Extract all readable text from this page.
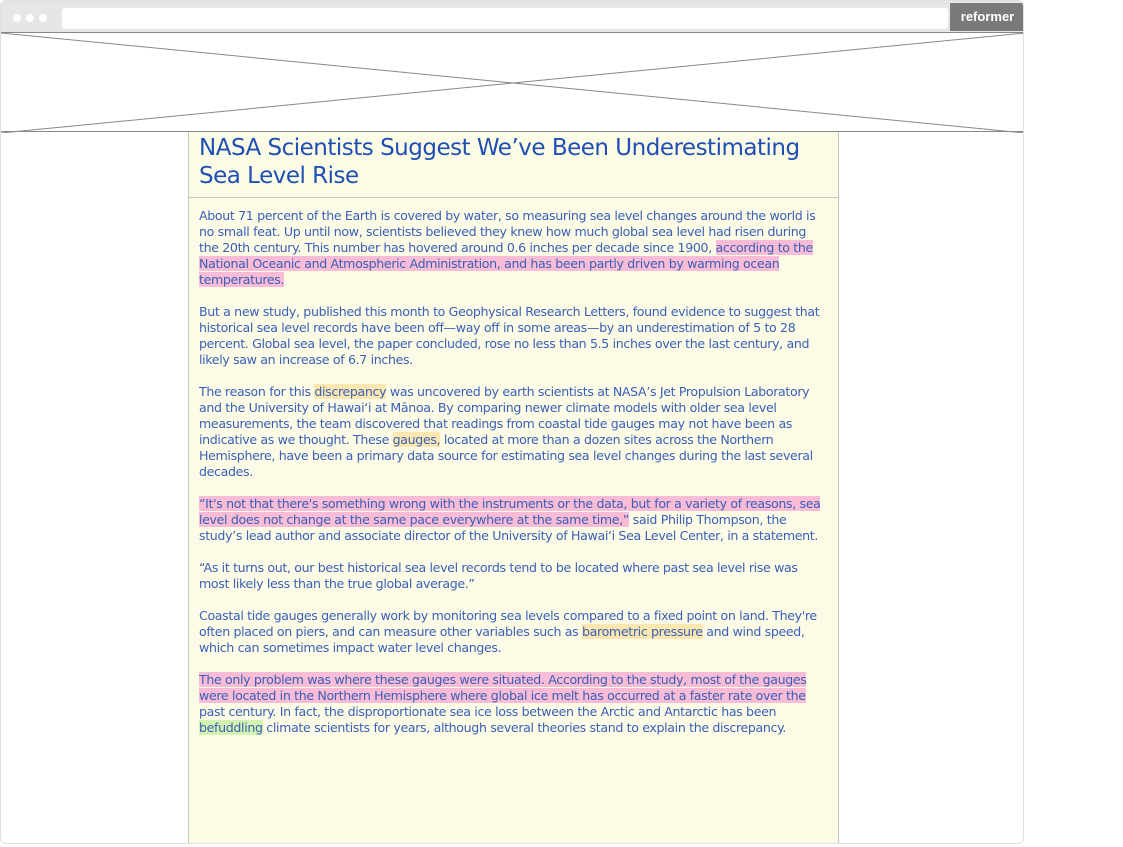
reformer
NASA Scientists Suggest We’ve Been Underestimating Sea Level Rise

About 71 percent of the Earth is covered by water, so measuring sea level changes around the world is no small feat. Up until now, scientists believed they knew how much global sea level had risen during the 20th century. This number has hovered around 0.6 inches per decade since 1900, according to the National Oceanic and Atmospheric Administration, and has been partly driven by warming ocean temperatures.

But a new study, published this month to Geophysical Research Letters, found evidence to suggest that historical sea level records have been off—way off in some areas—by an underestimation of 5 to 28 percent. Global sea level, the paper concluded, rose no less than 5.5 inches over the last century, and likely saw an increase of 6.7 inches.

The reason for this discrepancy was uncovered by earth scientists at NASA’s Jet Propulsion Laboratory and the University of Hawai‘i at Mānoa. By comparing newer climate models with older sea level measurements, the team discovered that readings from coastal tide gauges may not have been as indicative as we thought. These gauges, located at more than a dozen sites across the Northern Hemisphere, have been a primary data source for estimating sea level changes during the last several decades.

“It's not that there's something wrong with the instruments or the data, but for a variety of reasons, sea level does not change at the same pace everywhere at the same time,” said Philip Thompson, the study’s lead author and associate director of the University of Hawai‘i Sea Level Center, in a statement.

“As it turns out, our best historical sea level records tend to be located where past sea level rise was most likely less than the true global average.”

Coastal tide gauges generally work by monitoring sea levels compared to a fixed point on land. They're often placed on piers, and can measure other variables such as barometric pressure and wind speed, which can sometimes impact water level changes.

The only problem was where these gauges were situated. According to the study, most of the gauges were located in the Northern Hemisphere where global ice melt has occurred at a faster rate over the past century. In fact, the disproportionate sea ice loss between the Arctic and Antarctic has been befuddling climate scientists for years, although several theories stand to explain the discrepancy.
